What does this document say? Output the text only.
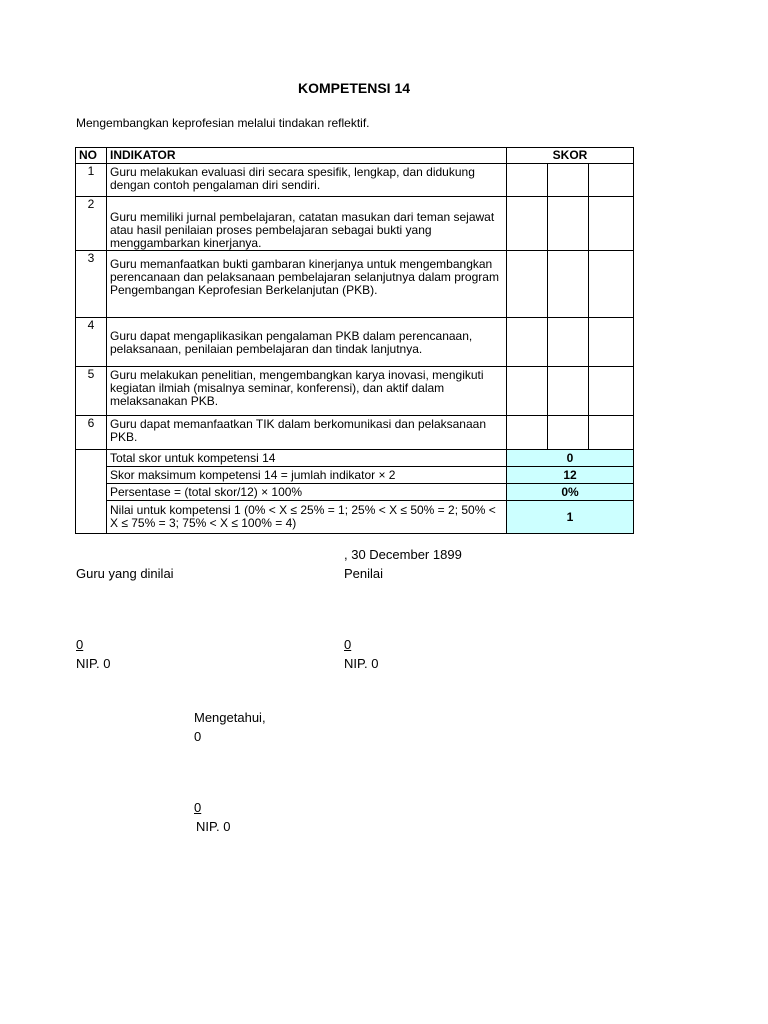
KOMPETENSI 14
Mengembangkan keprofesian melalui tindakan reflektif.
NO	INDIKATOR	SKOR		
1	Guru melakukan evaluasi diri secara spesifik, lengkap, dan didukung dengan contoh pengalaman diri sendiri.			
2	Guru memiliki jurnal pembelajaran, catatan masukan dari teman sejawat atau hasil penilaian proses pembelajaran sebagai bukti yang menggambarkan kinerjanya.			
3	Guru memanfaatkan bukti gambaran kinerjanya untuk mengembangkan perencanaan dan pelaksanaan pembelajaran selanjutnya dalam program Pengembangan Keprofesian Berkelanjutan (PKB).			
4	Guru dapat mengaplikasikan pengalaman PKB dalam perencanaan, pelaksanaan, penilaian pembelajaran dan tindak lanjutnya.			
5	Guru melakukan penelitian, mengembangkan karya inovasi, mengikuti kegiatan ilmiah (misalnya seminar, konferensi), dan aktif dalam melaksanakan PKB.			
6	Guru dapat memanfaatkan TIK dalam berkomunikasi dan pelaksanaan PKB.			
	Total skor untuk kompetensi 14	0		
	Skor maksimum kompetensi 14 = jumlah indikator × 2	12		
	Persentase = (total skor/12) × 100%	0%		
	Nilai untuk kompetensi 1 (0% < X ≤ 25% = 1; 25% < X ≤ 50% = 2; 50% < X ≤ 75% = 3; 75% < X ≤ 100% = 4)	1		
, 30 December 1899
Guru yang dinilai	Penilai
0
NIP. 0
0
NIP. 0
Mengetahui,
0
0
NIP. 0
